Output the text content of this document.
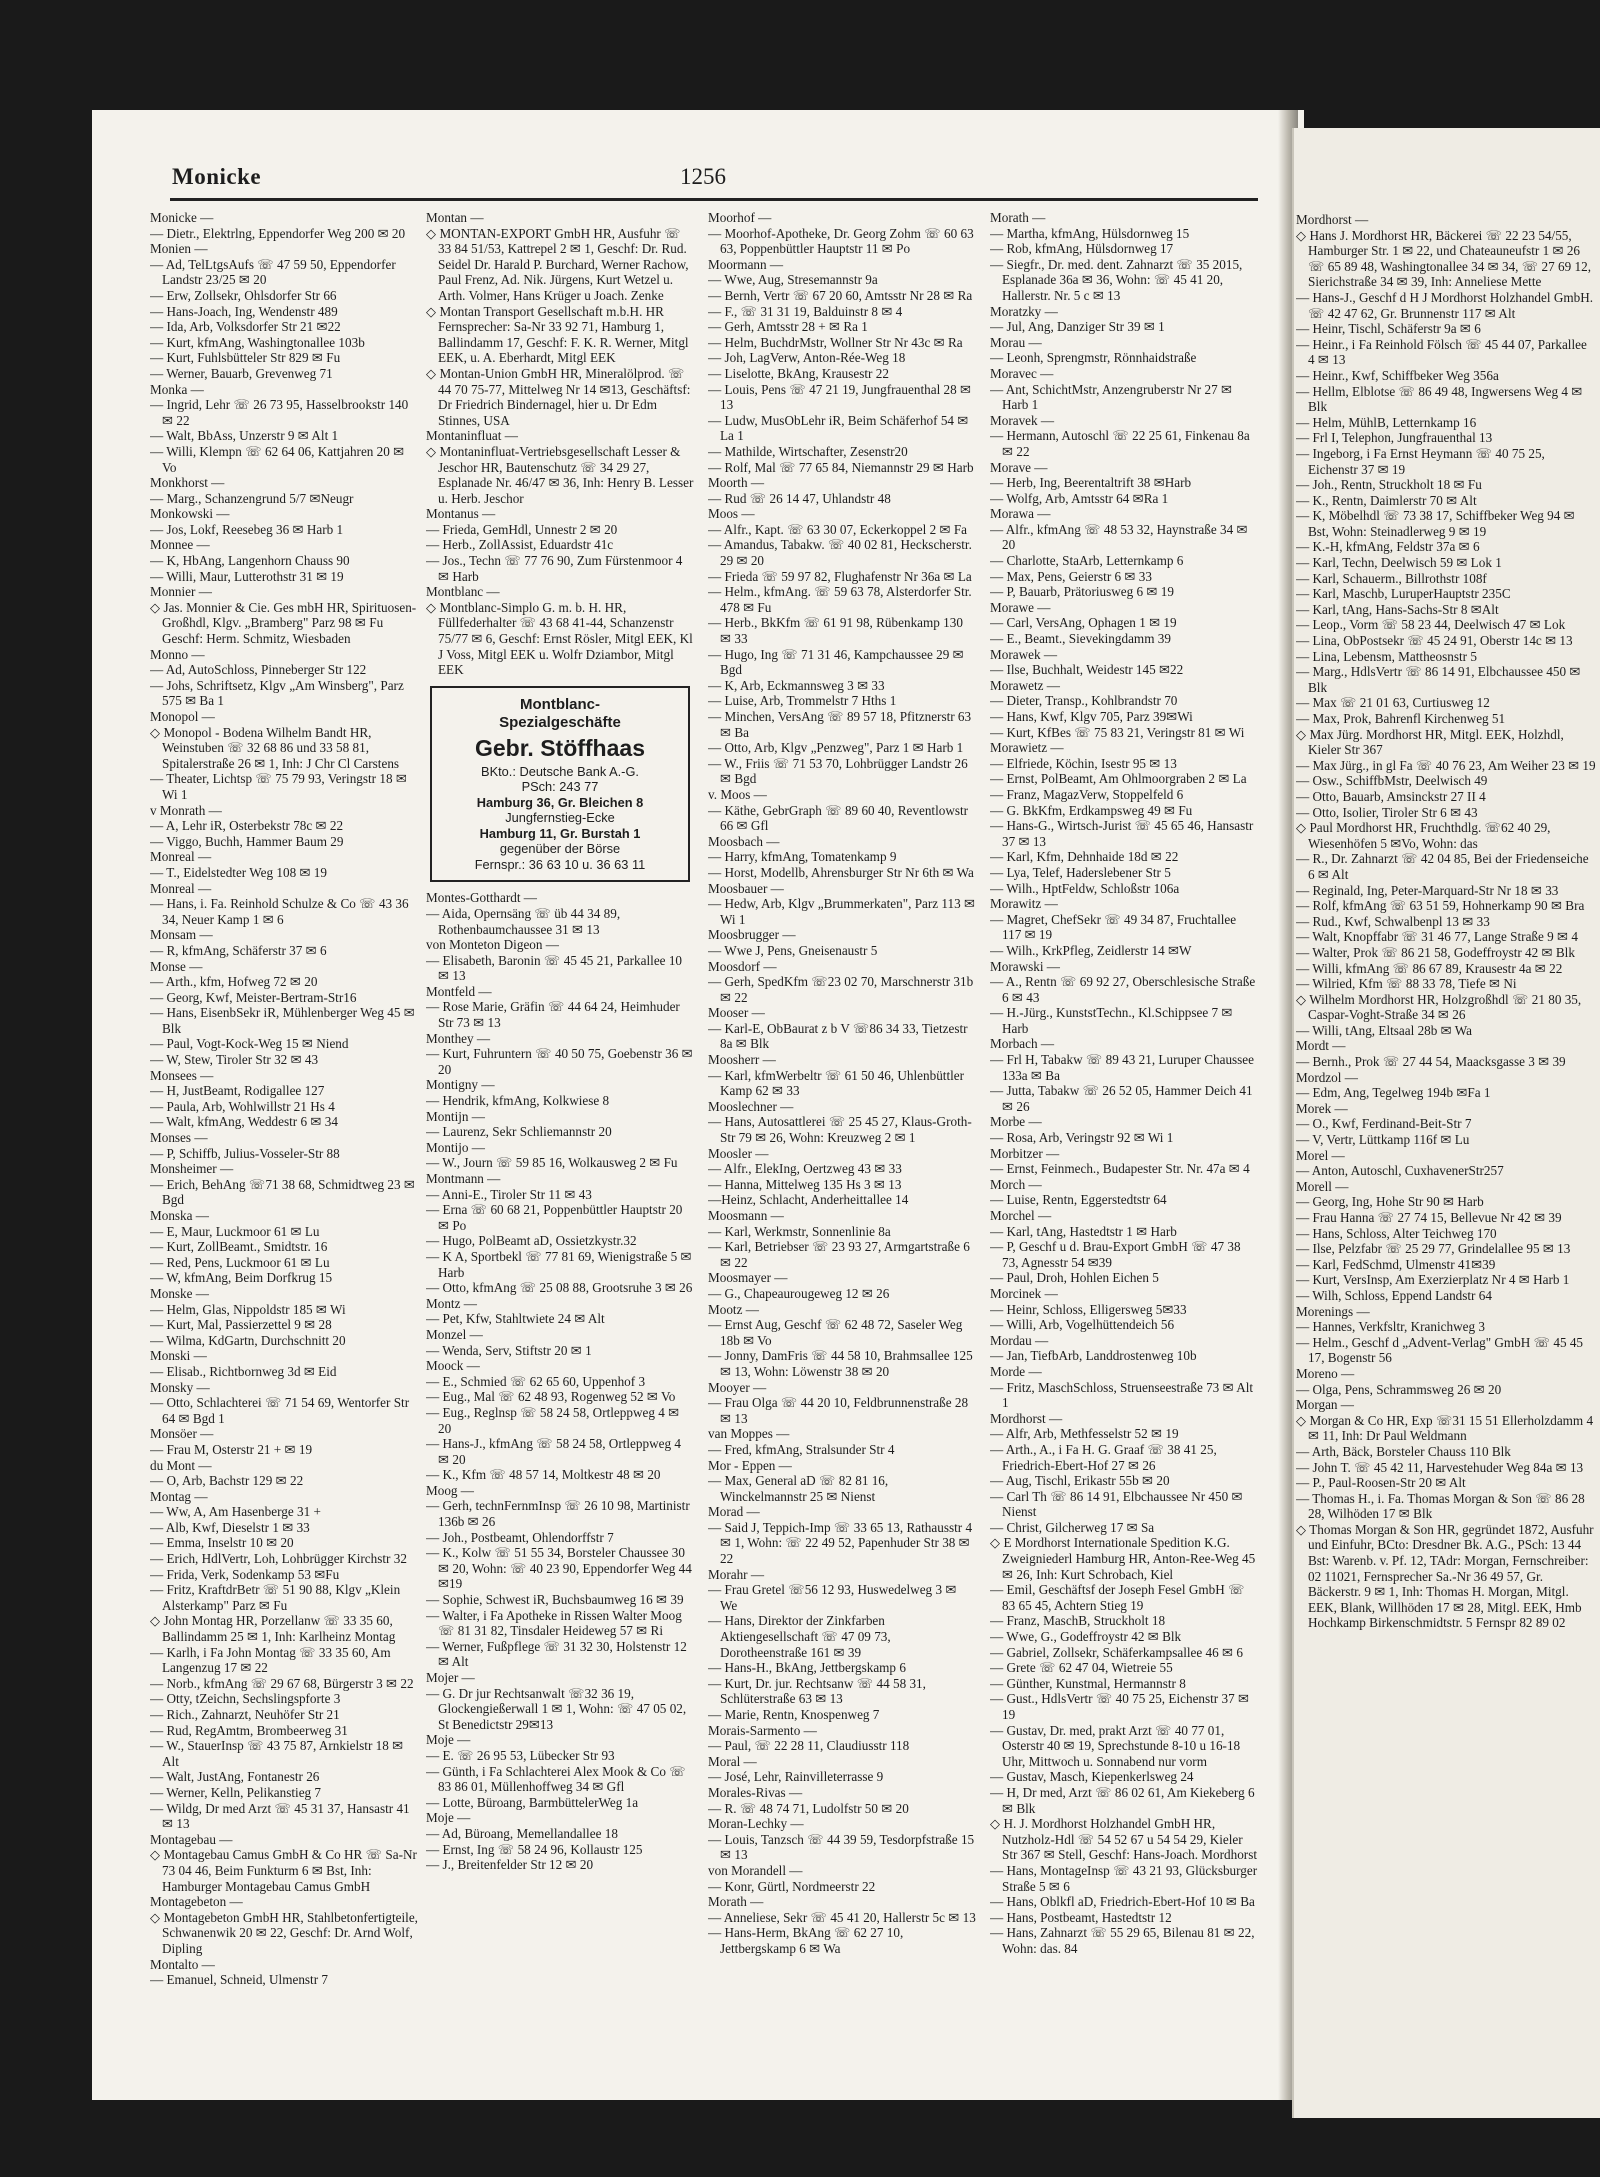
Monicke	1256

Monicke —

— Dietr., Elektrlng, Eppendorfer Weg 200 ✉ 20

Monien —

— Ad, TelLtgsAufs ☏ 47 59 50, Eppendorfer Landstr 23/25 ✉ 20

— Erw, Zollsekr, Ohlsdorfer Str 66

— Hans-Joach, Ing, Wendenstr 489

— Ida, Arb, Volksdorfer Str 21 ✉22

— Kurt, kfmAng, Washingtonallee 103b

— Kurt, Fuhlsbütteler Str 829 ✉ Fu

— Werner, Bauarb, Grevenweg 71

Monka —

— Ingrid, Lehr ☏ 26 73 95, Hasselbrookstr 140 ✉ 22

— Walt, BbAss, Unzerstr 9 ✉ Alt 1

— Willi, Klempn ☏ 62 64 06, Kattjahren 20 ✉ Vo

Monkhorst —

— Marg., Schanzengrund 5/7 ✉Neugr

Monkowski —

— Jos, Lokf, Reesebeg 36 ✉ Harb 1

Monnee —

— K, HbAng, Langenhorn Chauss 90

— Willi, Maur, Lutterothstr 31 ✉ 19

Monnier —

◇ Jas. Monnier & Cie. Ges mbH HR, Spirituosen-Großhdl, Klgv. „Bramberg" Parz 98 ✉ Fu Geschf: Herm. Schmitz, Wiesbaden

Monno —

— Ad, AutoSchloss, Pinneberger Str 122

— Johs, Schriftsetz, Klgv „Am Winsberg", Parz 575 ✉ Ba 1

Monopol —

◇ Monopol - Bodena Wilhelm Bandt HR, Weinstuben ☏ 32 68 86 und 33 58 81, Spitalerstraße 26 ✉ 1, Inh: J Chr Cl Carstens

— Theater, Lichtsp ☏ 75 79 93, Veringstr 18 ✉ Wi 1

v Monrath —

— A, Lehr iR, Osterbekstr 78c ✉ 22

— Viggo, Buchh, Hammer Baum 29

Monreal —

— T., Eidelstedter Weg 108 ✉ 19

Monreal —

— Hans, i. Fa. Reinhold Schulze & Co ☏ 43 36 34, Neuer Kamp 1 ✉ 6

Monsam —

— R, kfmAng, Schäferstr 37 ✉ 6

Monse —

— Arth., kfm, Hofweg 72 ✉ 20

— Georg, Kwf, Meister-Bertram-Str16

— Hans, EisenbSekr iR, Mühlenberger Weg 45 ✉ Blk

— Paul, Vogt-Kock-Weg 15 ✉ Niend

— W, Stew, Tiroler Str 32 ✉ 43

Monsees —

— H, JustBeamt, Rodigallee 127

— Paula, Arb, Wohlwillstr 21 Hs 4

— Walt, kfmAng, Weddestr 6 ✉ 34

Monses —

— P, Schiffb, Julius-Vosseler-Str 88

Monsheimer —

— Erich, BehAng ☏71 38 68, Schmidtweg 23 ✉ Bgd

Monska —

— E, Maur, Luckmoor 61 ✉ Lu

— Kurt, ZollBeamt., Smidtstr. 16

— Red, Pens, Luckmoor 61 ✉ Lu

— W, kfmAng, Beim Dorfkrug 15

Monske —

— Helm, Glas, Nippoldstr 185 ✉ Wi

— Kurt, Mal, Passierzettel 9 ✉ 28

— Wilma, KdGartn, Durchschnitt 20

Monski —

— Elisab., Richtbornweg 3d ✉ Eid

Monsky —

— Otto, Schlachterei ☏ 71 54 69, Wentorfer Str 64 ✉ Bgd 1

Monsöer —

— Frau M, Osterstr 21 + ✉ 19

du Mont —

— O, Arb, Bachstr 129 ✉ 22

Montag —

— Ww, A, Am Hasenberge 31 +

— Alb, Kwf, Dieselstr 1 ✉ 33

— Emma, Inselstr 10 ✉ 20

— Erich, HdlVertr, Loh, Lohbrügger Kirchstr 32

— Frida, Verk, Sodenkamp 53 ✉Fu

— Fritz, KraftdrBetr ☏ 51 90 88, Klgv „Klein Alsterkamp" Parz ✉ Fu

◇ John Montag HR, Porzellanw ☏ 33 35 60, Ballindamm 25 ✉ 1, Inh: Karlheinz Montag

— Karlh, i Fa John Montag ☏ 33 35 60, Am Langenzug 17 ✉ 22

— Norb., kfmAng ☏ 29 67 68, Bürgerstr 3 ✉ 22

— Otty, tZeichn, Sechslingspforte 3

— Rich., Zahnarzt, Neuhöfer Str 21

— Rud, RegAmtm, Brombeerweg 31

— W., StauerInsp ☏ 43 75 87, Arnkielstr 18 ✉ Alt

— Walt, JustAng, Fontanestr 26

— Werner, Kelln, Pelikanstieg 7

— Wildg, Dr med Arzt ☏ 45 31 37, Hansastr 41 ✉ 13

Montagebau —

◇ Montagebau Camus GmbH & Co HR ☏ Sa-Nr 73 04 46, Beim Funkturm 6 ✉ Bst, Inh: Hamburger Montagebau Camus GmbH

Montagebeton —

◇ Montagebeton GmbH HR, Stahlbetonfertigteile, Schwanenwik 20 ✉ 22, Geschf: Dr. Arnd Wolf, Dipling

Montalto —

— Emanuel, Schneid, Ulmenstr 7

Montan —

◇ MONTAN-EXPORT GmbH HR, Ausfuhr ☏ 33 84 51/53, Kattrepel 2 ✉ 1, Geschf: Dr. Rud. Seidel Dr. Harald P. Burchard, Werner Rachow, Paul Frenz, Ad. Nik. Jürgens, Kurt Wetzel u. Arth. Volmer, Hans Krüger u Joach. Zenke

◇ Montan Transport Gesellschaft m.b.H. HR Fernsprecher: Sa-Nr 33 92 71, Hamburg 1, Ballindamm 17, Geschf: F. K. R. Werner, Mitgl EEK, u. A. Eberhardt, Mitgl EEK

◇ Montan-Union GmbH HR, Mineralölprod. ☏ 44 70 75-77, Mittelweg Nr 14 ✉13, Geschäftsf: Dr Friedrich Bindernagel, hier u. Dr Edm Stinnes, USA

Montaninfluat —

◇ Montaninfluat-Vertriebsgesellschaft Lesser & Jeschor HR, Bautenschutz ☏ 34 29 27, Esplanade Nr. 46/47 ✉ 36, Inh: Henry B. Lesser u. Herb. Jeschor

Montanus —

— Frieda, GemHdl, Unnestr 2 ✉ 20

— Herb., ZollAssist, Eduardstr 41c

— Jos., Techn ☏ 77 76 90, Zum Fürstenmoor 4 ✉ Harb

Montblanc —

◇ Montblanc-Simplo G. m. b. H. HR, Füllfederhalter ☏ 43 68 41-44, Schanzenstr 75/77 ✉ 6, Geschf: Ernst Rösler, Mitgl EEK, Kl J Voss, Mitgl EEK u. Wolfr Dziambor, Mitgl EEK

Montblanc-
Spezialgeschäfte
Gebr. Stöffhaas
BKto.: Deutsche Bank A.-G.
PSch: 243 77
Hamburg 36, Gr. Bleichen 8
Jungfernstieg-Ecke
Hamburg 11, Gr. Burstah 1
gegenüber der Börse
Fernspr.: 36 63 10 u. 36 63 11

Montes-Gotthardt —

— Aida, Opernsäng ☏ üb 44 34 89, Rothenbaumchaussee 31 ✉ 13

von Monteton Digeon —

— Elisabeth, Baronin ☏ 45 45 21, Parkallee 10 ✉ 13

Montfeld —

— Rose Marie, Gräfin ☏ 44 64 24, Heimhuder Str 73 ✉ 13

Monthey —

— Kurt, Fuhruntern ☏ 40 50 75, Goebenstr 36 ✉ 20

Montigny —

— Hendrik, kfmAng, Kolkwiese 8

Montijn —

— Laurenz, Sekr Schliemannstr 20

Montijo —

— W., Journ ☏ 59 85 16, Wolkausweg 2 ✉ Fu

Montmann —

— Anni-E., Tiroler Str 11 ✉ 43

— Erna ☏ 60 68 21, Poppenbüttler Hauptstr 20 ✉ Po

— Hugo, PolBeamt aD, Ossietzkystr.32

— K A, Sportbekl ☏ 77 81 69, Wienigstraße 5 ✉ Harb

— Otto, kfmAng ☏ 25 08 88, Grootsruhe 3 ✉ 26

Montz —

— Pet, Kfw, Stahltwiete 24 ✉ Alt

Monzel —

— Wenda, Serv, Stiftstr 20 ✉ 1

Moock —

— E., Schmied ☏ 62 65 60, Uppenhof 3

— Eug., Mal ☏ 62 48 93, Rogenweg 52 ✉ Vo

— Eug., Reglnsp ☏ 58 24 58, Ortleppweg 4 ✉ 20

— Hans-J., kfmAng ☏ 58 24 58, Ortleppweg 4 ✉ 20

— K., Kfm ☏ 48 57 14, Moltkestr 48 ✉ 20

Moog —

— Gerh, technFernmInsp ☏ 26 10 98, Martinistr 136b ✉ 26

— Joh., Postbeamt, Ohlendorffstr 7

— K., Kolw ☏ 51 55 34, Borsteler Chaussee 30 ✉ 20, Wohn: ☏ 40 23 90, Eppendorfer Weg 44✉19

— Sophie, Schwest iR, Buchsbaumweg 16 ✉ 39

— Walter, i Fa Apotheke in Rissen Walter Moog ☏ 81 31 82, Tinsdaler Heideweg 57 ✉ Ri

— Werner, Fußpflege ☏ 31 32 30, Holstenstr 12 ✉ Alt

Mojer —

— G. Dr jur Rechtsanwalt ☏32 36 19, Glockengießerwall 1 ✉ 1, Wohn: ☏ 47 05 02, St Benedictstr 29✉13

Moje —

— E. ☏ 26 95 53, Lübecker Str 93

— Günth, i Fa Schlachterei Alex Mook & Co ☏ 83 86 01, Müllenhoffweg 34 ✉ Gfl

— Lotte, Büroang, BarmbüttelerWeg 1a

Moje —

— Ad, Büroang, Memellandallee 18

— Ernst, Ing ☏ 58 24 96, Kollaustr 125

— J., Breitenfelder Str 12 ✉ 20

Moorhof —

— Moorhof-Apotheke, Dr. Georg Zohm ☏ 60 63 63, Poppenbüttler Hauptstr 11 ✉ Po

Moormann —

— Wwe, Aug, Stresemannstr 9a

— Bernh, Vertr ☏ 67 20 60, Amtsstr Nr 28 ✉ Ra

— F., ☏ 31 31 19, Balduinstr 8 ✉ 4

— Gerh, Amtsstr 28 + ✉ Ra 1

— Helm, BuchdrMstr, Wollner Str Nr 43c ✉ Ra

— Joh, LagVerw, Anton-Rée-Weg 18

— Liselotte, BkAng, Krausestr 22

— Louis, Pens ☏ 47 21 19, Jungfrauenthal 28 ✉ 13

— Ludw, MusObLehr iR, Beim Schäferhof 54 ✉ La 1

— Mathilde, Wirtschafter, Zesenstr20

— Rolf, Mal ☏ 77 65 84, Niemannstr 29 ✉ Harb

Moorth —

— Rud ☏ 26 14 47, Uhlandstr 48

Moos —

— Alfr., Kapt. ☏ 63 30 07, Eckerkoppel 2 ✉ Fa

— Amandus, Tabakw. ☏ 40 02 81, Heckscherstr. 29 ✉ 20

— Frieda ☏ 59 97 82, Flughafenstr Nr 36a ✉ La

— Helm., kfmAng. ☏ 59 63 78, Alsterdorfer Str. 478 ✉ Fu

— Herb., BkKfm ☏ 61 91 98, Rübenkamp 130 ✉ 33

— Hugo, Ing ☏ 71 31 46, Kampchaussee 29 ✉ Bgd

— K, Arb, Eckmannsweg 3 ✉ 33

— Luise, Arb, Trommelstr 7 Hths 1

— Minchen, VersAng ☏ 89 57 18, Pfitznerstr 63 ✉ Ba

— Otto, Arb, Klgv „Penzweg", Parz 1 ✉ Harb 1

— W., Friis ☏ 71 53 70, Lohbrügger Landstr 26 ✉ Bgd

v. Moos —

— Käthe, GebrGraph ☏ 89 60 40, Reventlowstr 66 ✉ Gfl

Moosbach —

— Harry, kfmAng, Tomatenkamp 9

— Horst, Modellb, Ahrensburger Str Nr 6th ✉ Wa

Moosbauer —

— Hedw, Arb, Klgv „Brummerkaten", Parz 113 ✉ Wi 1

Moosbrugger —

— Wwe J, Pens, Gneisenaustr 5

Moosdorf —

— Gerh, SpedKfm ☏23 02 70, Marschnerstr 31b ✉ 22

Mooser —

— Karl-E, ObBaurat z b V ☏86 34 33, Tietzestr 8a ✉ Blk

Moosherr —

— Karl, kfmWerbeltr ☏ 61 50 46, Uhlenbüttler Kamp 62 ✉ 33

Mooslechner —

— Hans, Autosattlerei ☏ 25 45 27, Klaus-Groth-Str 79 ✉ 26, Wohn: Kreuzweg 2 ✉ 1

Moosler —

— Alfr., ElekIng, Oertzweg 43 ✉ 33

— Hanna, Mittelweg 135 Hs 3 ✉ 13

—Heinz, Schlacht, Anderheittallee 14

Moosmann —

— Karl, Werkmstr, Sonnenlinie 8a

— Karl, Betriebser ☏ 23 93 27, Armgartstraße 6 ✉ 22

Moosmayer —

— G., Chapeaurougeweg 12 ✉ 26

Mootz —

— Ernst Aug, Geschf ☏ 62 48 72, Saseler Weg 18b ✉ Vo

— Jonny, DamFris ☏ 44 58 10, Brahmsallee 125 ✉ 13, Wohn: Löwenstr 38 ✉ 20

Mooyer —

— Frau Olga ☏ 44 20 10, Feldbrunnenstraße 28 ✉ 13

van Moppes —

— Fred, kfmAng, Stralsunder Str 4

Mor - Eppen —

— Max, General aD ☏ 82 81 16, Winckelmannstr 25 ✉ Nienst

Morad —

— Said J, Teppich-Imp ☏ 33 65 13, Rathausstr 4 ✉ 1, Wohn: ☏ 22 49 52, Papenhuder Str 38 ✉ 22

Morahr —

— Frau Gretel ☏56 12 93, Huswedelweg 3 ✉ We

— Hans, Direktor der Zinkfarben Aktiengesellschaft ☏ 47 09 73, Dorotheenstraße 161 ✉ 39

— Hans-H., BkAng, Jettbergskamp 6

— Kurt, Dr. jur. Rechtsanw ☏ 44 58 31, Schlüterstraße 63 ✉ 13

— Marie, Rentn, Knospenweg 7

Morais-Sarmento —

— Paul, ☏ 22 28 11, Claudiusstr 118

Moral —

— José, Lehr, Rainvilleterrasse 9

Morales-Rivas —

— R. ☏ 48 74 71, Ludolfstr 50 ✉ 20

Moran-Lechky —

— Louis, Tanzsch ☏ 44 39 59, Tesdorpfstraße 15 ✉ 13

von Morandell —

— Konr, Gürtl, Nordmeerstr 22

Morath —

— Anneliese, Sekr ☏ 45 41 20, Hallerstr 5c ✉ 13

— Hans-Herm, BkAng ☏ 62 27 10, Jettbergskamp 6 ✉ Wa

Morath —

— Martha, kfmAng, Hülsdornweg 15

— Rob, kfmAng, Hülsdornweg 17

— Siegfr., Dr. med. dent. Zahnarzt ☏ 35 2015, Esplanade 36a ✉ 36, Wohn: ☏ 45 41 20, Hallerstr. Nr. 5 c ✉ 13

Moratzky —

— Jul, Ang, Danziger Str 39 ✉ 1

Morau —

— Leonh, Sprengmstr, Rönnhaidstraße

Moravec —

— Ant, SchichtMstr, Anzengruberstr Nr 27 ✉ Harb 1

Moravek —

— Hermann, Autoschl ☏ 22 25 61, Finkenau 8a ✉ 22

Morave —

— Herb, Ing, Beerentaltrift 38 ✉Harb

— Wolfg, Arb, Amtsstr 64 ✉Ra 1

Morawa —

— Alfr., kfmAng ☏ 48 53 32, Haynstraße 34 ✉ 20

— Charlotte, StaArb, Letternkamp 6

— Max, Pens, Geierstr 6 ✉ 33

— P, Bauarb, Prätoriusweg 6 ✉ 19

Morawe —

— Carl, VersAng, Ophagen 1 ✉ 19

— E., Beamt., Sievekingdamm 39

Morawek —

— Ilse, Buchhalt, Weidestr 145 ✉22

Morawetz —

— Dieter, Transp., Kohlbrandstr 70

— Hans, Kwf, Klgv 705, Parz 39✉Wi

— Kurt, KfBes ☏ 75 83 21, Veringstr 81 ✉ Wi

Morawietz —

— Elfriede, Köchin, Isestr 95 ✉ 13

— Ernst, PolBeamt, Am Ohlmoorgraben 2 ✉ La

— Franz, MagazVerw, Stoppelfeld 6

— G. BkKfm, Erdkampsweg 49 ✉ Fu

— Hans-G., Wirtsch-Jurist ☏ 45 65 46, Hansastr 37 ✉ 13

— Karl, Kfm, Dehnhaide 18d ✉ 22

— Lya, Telef, Haderslebener Str 5

— Wilh., HptFeldw, Schloßstr 106a

Morawitz —

— Magret, ChefSekr ☏ 49 34 87, Fruchtallee 117 ✉ 19

— Wilh., KrkPfleg, Zeidlerstr 14 ✉W

Morawski —

— A., Rentn ☏ 69 92 27, Oberschlesische Straße 6 ✉ 43

— H.-Jürg., KunststTechn., Kl.Schippsee 7 ✉ Harb

Morbach —

— Frl H, Tabakw ☏ 89 43 21, Luruper Chaussee 133a ✉ Ba

— Jutta, Tabakw ☏ 26 52 05, Hammer Deich 41 ✉ 26

Morbe —

— Rosa, Arb, Veringstr 92 ✉ Wi 1

Morbitzer —

— Ernst, Feinmech., Budapester Str. Nr. 47a ✉ 4

Morch —

— Luise, Rentn, Eggerstedtstr 64

Morchel —

— Karl, tAng, Hastedtstr 1 ✉ Harb

— P, Geschf u d. Brau-Export GmbH ☏ 47 38 73, Agnesstr 54 ✉39

— Paul, Droh, Hohlen Eichen 5

Morcinek —

— Heinr, Schloss, Elligersweg 5✉33

— Willi, Arb, Vogelhüttendeich 56

Mordau —

— Jan, TiefbArb, Landdrostenweg 10b

Morde —

— Fritz, MaschSchloss, Struenseestraße 73 ✉ Alt 1

Mordhorst —

— Alfr, Arb, Methfesselstr 52 ✉ 19

— Arth., A., i Fa H. G. Graaf ☏ 38 41 25, Friedrich-Ebert-Hof 27 ✉ 26

— Aug, Tischl, Erikastr 55b ✉ 20

— Carl Th ☏ 86 14 91, Elbchaussee Nr 450 ✉ Nienst

— Christ, Gilcherweg 17 ✉ Sa

◇ E Mordhorst Internationale Spedition K.G. Zweigniederl Hamburg HR, Anton-Ree-Weg 45 ✉ 26, Inh: Kurt Schrobach, Kiel

— Emil, Geschäftsf der Joseph Fesel GmbH ☏ 83 65 45, Achtern Stieg 19

— Franz, MaschB, Struckholt 18

— Wwe, G., Godeffroystr 42 ✉ Blk

— Gabriel, Zollsekr, Schäferkampsallee 46 ✉ 6

— Grete ☏ 62 47 04, Wietreie 55

— Günther, Kunstmal, Hermannstr 8

— Gust., HdlsVertr ☏ 40 75 25, Eichenstr 37 ✉ 19

— Gustav, Dr. med, prakt Arzt ☏ 40 77 01, Osterstr 40 ✉ 19, Sprechstunde 8-10 u 16-18 Uhr, Mittwoch u. Sonnabend nur vorm

— Gustav, Masch, Kiepenkerlsweg 24

— H, Dr med, Arzt ☏ 86 02 61, Am Kiekeberg 6 ✉ Blk

◇ H. J. Mordhorst Holzhandel GmbH HR, Nutzholz-Hdl ☏ 54 52 67 u 54 54 29, Kieler Str 367 ✉ Stell, Geschf: Hans-Joach. Mordhorst

— Hans, MontageInsp ☏ 43 21 93, Glücksburger Straße 5 ✉ 6

— Hans, Oblkfl aD, Friedrich-Ebert-Hof 10 ✉ Ba

— Hans, Postbeamt, Hastedtstr 12

— Hans, Zahnarzt ☏ 55 29 65, Bilenau 81 ✉ 22, Wohn: das. 84

Mordhorst —

◇ Hans J. Mordhorst HR, Bäckerei ☏ 22 23 54/55, Hamburger Str. 1 ✉ 22, und Chateauneufstr 1 ✉ 26 ☏ 65 89 48, Washingtonallee 34 ✉ 34, ☏ 27 69 12, Sierichstraße 34 ✉ 39, Inh: Anneliese Mette

— Hans-J., Geschf d H J Mordhorst Holzhandel GmbH. ☏ 42 47 62, Gr. Brunnenstr 117 ✉ Alt

— Heinr, Tischl, Schäferstr 9a ✉ 6

— Heinr., i Fa Reinhold Fölsch ☏ 45 44 07, Parkallee 4 ✉ 13

— Heinr., Kwf, Schiffbeker Weg 356a

— Hellm, Elblotse ☏ 86 49 48, Ingwersens Weg 4 ✉ Blk

— Helm, MühlB, Letternkamp 16

— Frl I, Telephon, Jungfrauenthal 13

— Ingeborg, i Fa Ernst Heymann ☏ 40 75 25, Eichenstr 37 ✉ 19

— Joh., Rentn, Struckholt 18 ✉ Fu

— K., Rentn, Daimlerstr 70 ✉ Alt

— K, Möbelhdl ☏ 73 38 17, Schiffbeker Weg 94 ✉ Bst, Wohn: Steinadlerweg 9 ✉ 19

— K.-H, kfmAng, Feldstr 37a ✉ 6

— Karl, Techn, Deelwisch 59 ✉ Lok 1

— Karl, Schauerm., Billrothstr 108f

— Karl, Maschb, LuruperHauptstr 235C

— Karl, tAng, Hans-Sachs-Str 8 ✉Alt

— Leop., Vorm ☏ 58 23 44, Deelwisch 47 ✉ Lok

— Lina, ObPostsekr ☏ 45 24 91, Oberstr 14c ✉ 13

— Lina, Lebensm, Mattheosnstr 5

— Marg., HdlsVertr ☏ 86 14 91, Elbchaussee 450 ✉ Blk

— Max ☏ 21 01 63, Curtiusweg 12

— Max, Prok, Bahrenfl Kirchenweg 51

◇ Max Jürg. Mordhorst HR, Mitgl. EEK, Holzhdl, Kieler Str 367

— Max Jürg., in gl Fa ☏ 40 76 23, Am Weiher 23 ✉ 19

— Osw., SchiffbMstr, Deelwisch 49

— Otto, Bauarb, Amsinckstr 27 II 4

— Otto, Isolier, Tiroler Str 6 ✉ 43

◇ Paul Mordhorst HR, Fruchthdlg. ☏62 40 29, Wiesenhöfen 5 ✉Vo, Wohn: das

— R., Dr. Zahnarzt ☏ 42 04 85, Bei der Friedenseiche 6 ✉ Alt

— Reginald, Ing, Peter-Marquard-Str Nr 18 ✉ 33

— Rolf, kfmAng ☏ 63 51 59, Hohnerkamp 90 ✉ Bra

— Rud., Kwf, Schwalbenpl 13 ✉ 33

— Walt, Knopffabr ☏ 31 46 77, Lange Straße 9 ✉ 4

— Walter, Prok ☏ 86 21 58, Godeffroystr 42 ✉ Blk

— Willi, kfmAng ☏ 86 67 89, Krausestr 4a ✉ 22

— Wilried, Kfm ☏ 88 33 78, Tiefe ✉ Ni

◇ Wilhelm Mordhorst HR, Holzgroßhdl ☏ 21 80 35, Caspar-Voght-Straße 34 ✉ 26

— Willi, tAng, Eltsaal 28b ✉ Wa

Mordt —

— Bernh., Prok ☏ 27 44 54, Maacksgasse 3 ✉ 39

Mordzol —

— Edm, Ang, Tegelweg 194b ✉Fa 1

Morek —

— O., Kwf, Ferdinand-Beit-Str 7

— V, Vertr, Lüttkamp 116f ✉ Lu

Morel —

— Anton, Autoschl, CuxhavenerStr257

Morell —

— Georg, Ing, Hohe Str 90 ✉ Harb

— Frau Hanna ☏ 27 74 15, Bellevue Nr 42 ✉ 39

— Hans, Schloss, Alter Teichweg 170

— Ilse, Pelzfabr ☏ 25 29 77, Grindelallee 95 ✉ 13

— Karl, FedSchmd, Ulmenstr 41✉39

— Kurt, VersInsp, Am Exerzierplatz Nr 4 ✉ Harb 1

— Wilh, Schloss, Eppend Landstr 64

Morenings —

— Hannes, Verkfsltr, Kranichweg 3

— Helm., Geschf d „Advent-Verlag" GmbH ☏ 45 45 17, Bogenstr 56

Moreno —

— Olga, Pens, Schrammsweg 26 ✉ 20

Morgan —

◇ Morgan & Co HR, Exp ☏31 15 51 Ellerholzdamm 4 ✉ 11, Inh: Dr Paul Weldmann

— Arth, Bäck, Borsteler Chauss 110 Blk

— John T. ☏ 45 42 11, Harvestehuder Weg 84a ✉ 13

— P., Paul-Roosen-Str 20 ✉ Alt

— Thomas H., i. Fa. Thomas Morgan & Son ☏ 86 28 28, Wilhöden 17 ✉ Blk

◇ Thomas Morgan & Son HR, gegründet 1872, Ausfuhr und Einfuhr, BCto: Dresdner Bk. A.G., PSch: 13 44 Bst: Warenb. v. Pf. 12, TAdr: Morgan, Fernschreiber: 02 11021, Fernsprecher Sa.-Nr 36 49 57, Gr. Bäckerstr. 9 ✉ 1, Inh: Thomas H. Morgan, Mitgl. EEK, Blank, Willhöden 17 ✉ 28, Mitgl. EEK, Hmb Hochkamp Birkenschmidtstr. 5 Fernspr 82 89 02
